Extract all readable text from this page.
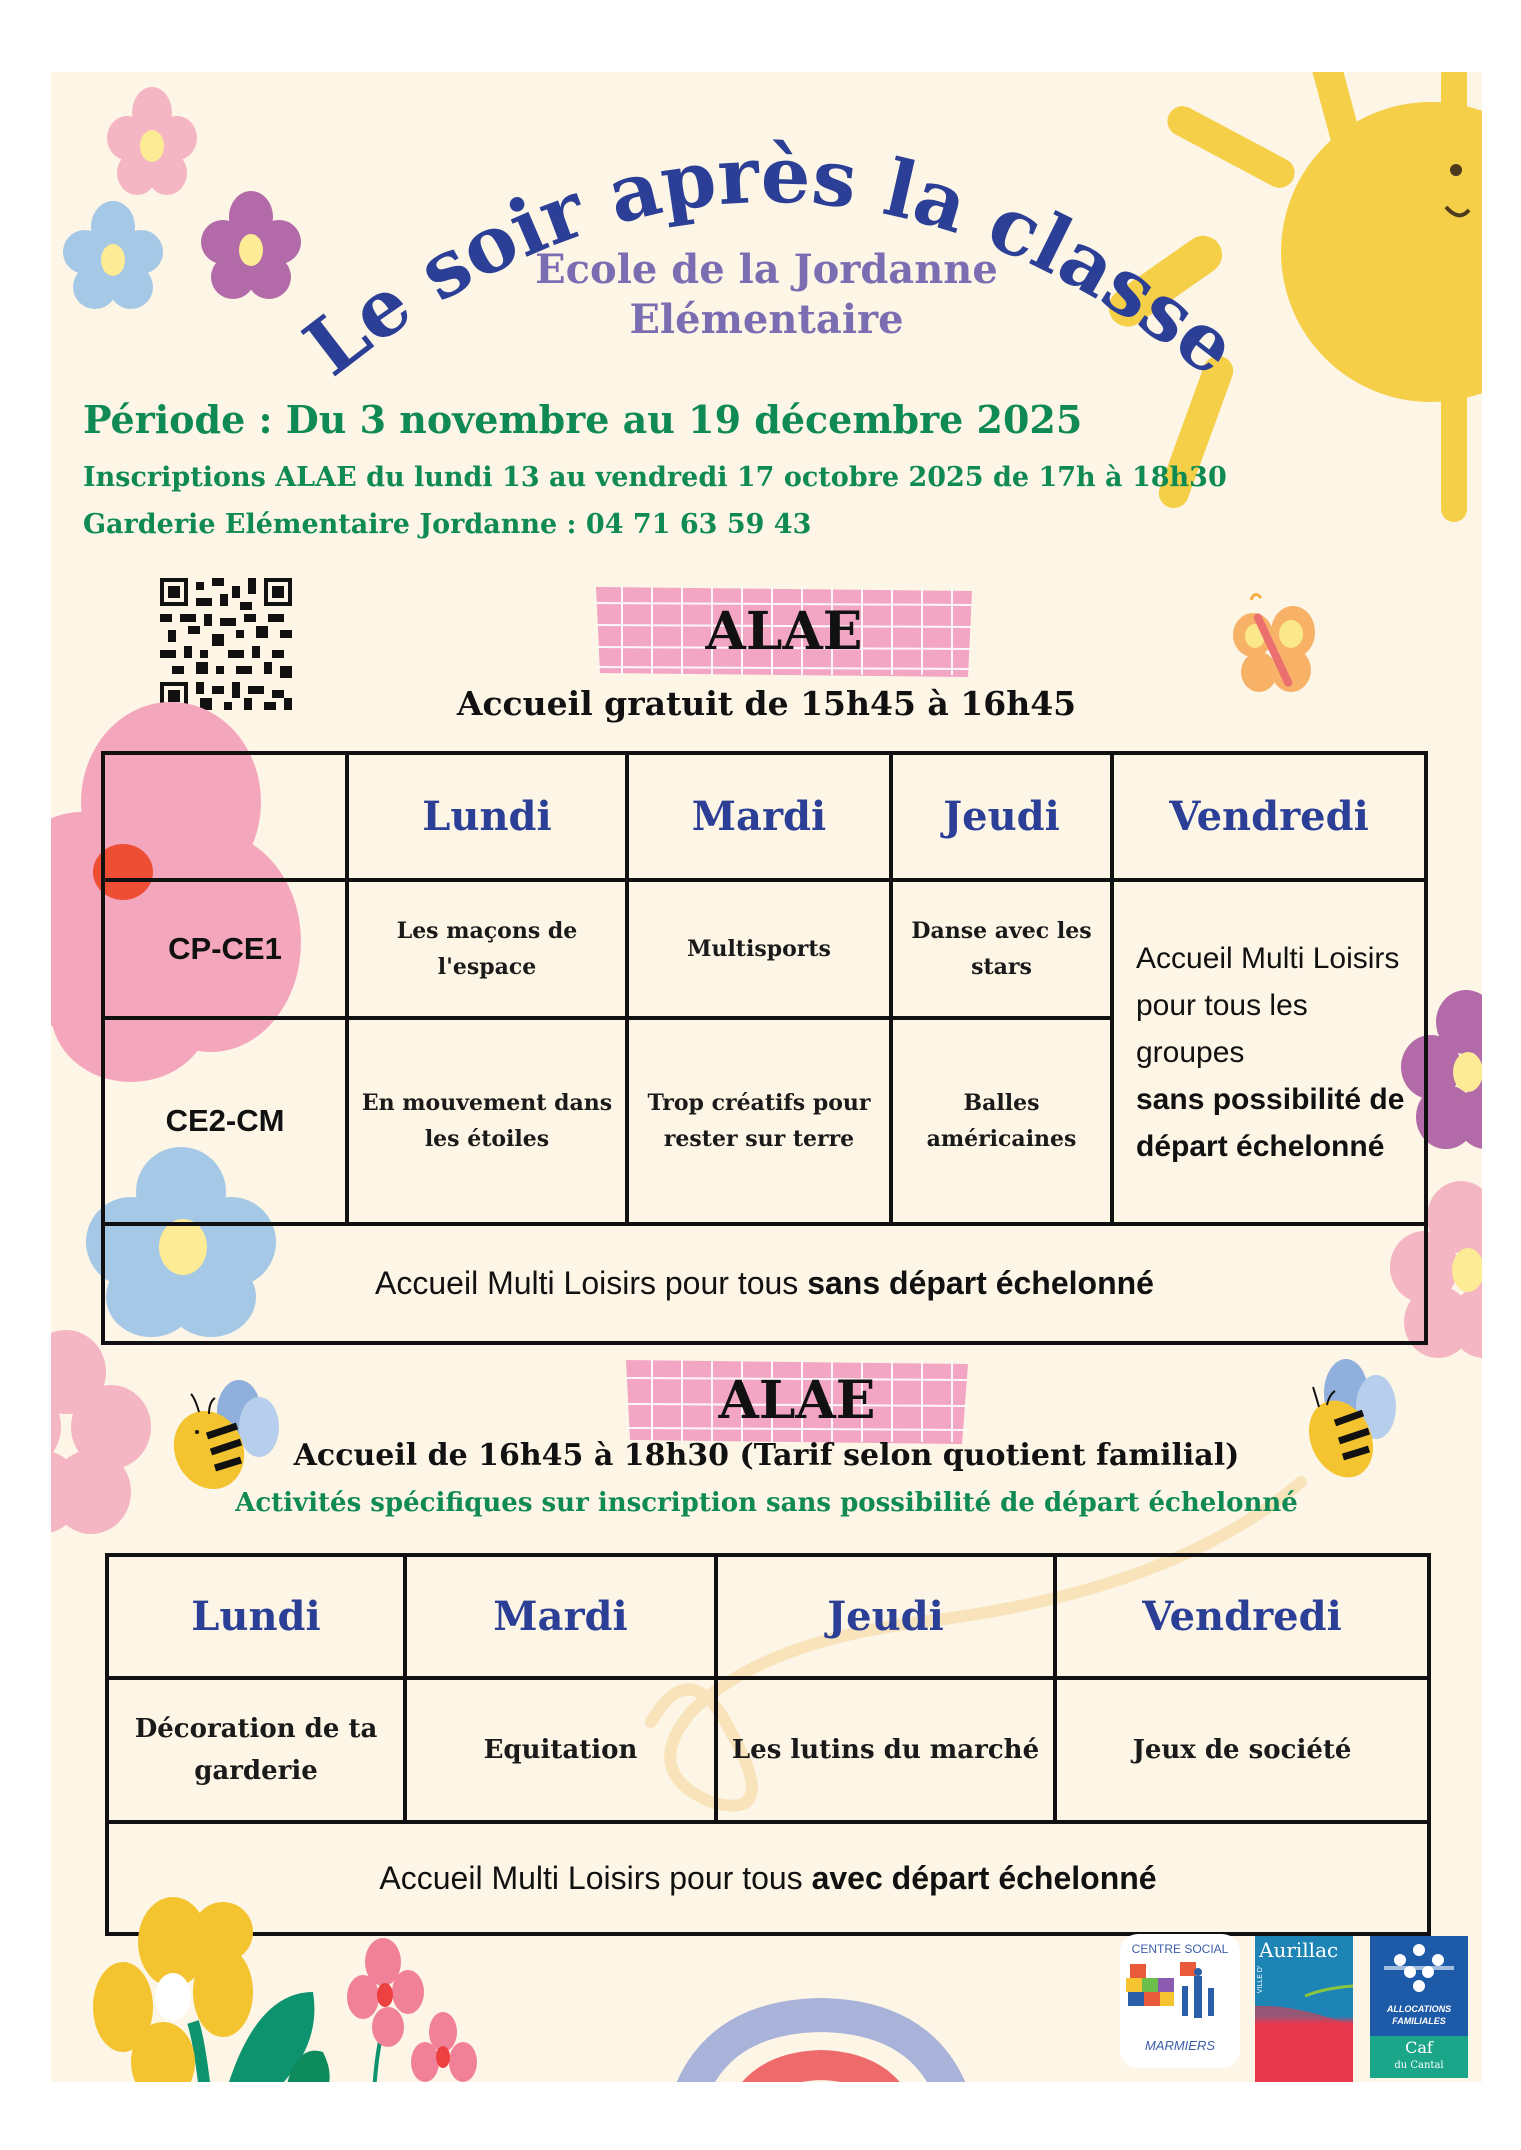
Le soir après la classe
Ecole de la Jordanne
Elémentaire
Période : Du 3 novembre au 19 décembre 2025
Inscriptions ALAE du lundi 13 au vendredi 17 octobre 2025 de 17h à 18h30
Garderie Elémentaire Jordanne : 04 71 63 59 43
ALAE
Accueil gratuit de 15h45 à 16h45
	Lundi	Mardi	Jeudi	Vendredi
CP-CE1	Les maçons de l'espace	Multisports	Danse avec les stars	Accueil Multi Loisirs pour tous les groupes
sans possibilité de départ échelonné
CE2-CM	En mouvement dans les étoiles	Trop créatifs pour rester sur terre	Balles américaines	
Accueil Multi Loisirs pour tous sans départ échelonné				
ALAE
Accueil de 16h45 à 18h30 (Tarif selon quotient familial)
Activités spécifiques sur inscription sans possibilité de départ échelonné
Lundi	Mardi	Jeudi	Vendredi
Décoration de ta garderie	Equitation	Les lutins du marché	Jeux de société
Accueil Multi Loisirs pour tous avec départ échelonné			
CENTRE SOCIAL
MARMIERS
Aurillac
VILLE D'
ALLOCATIONS
FAMILIALES
Caf
du Cantal
